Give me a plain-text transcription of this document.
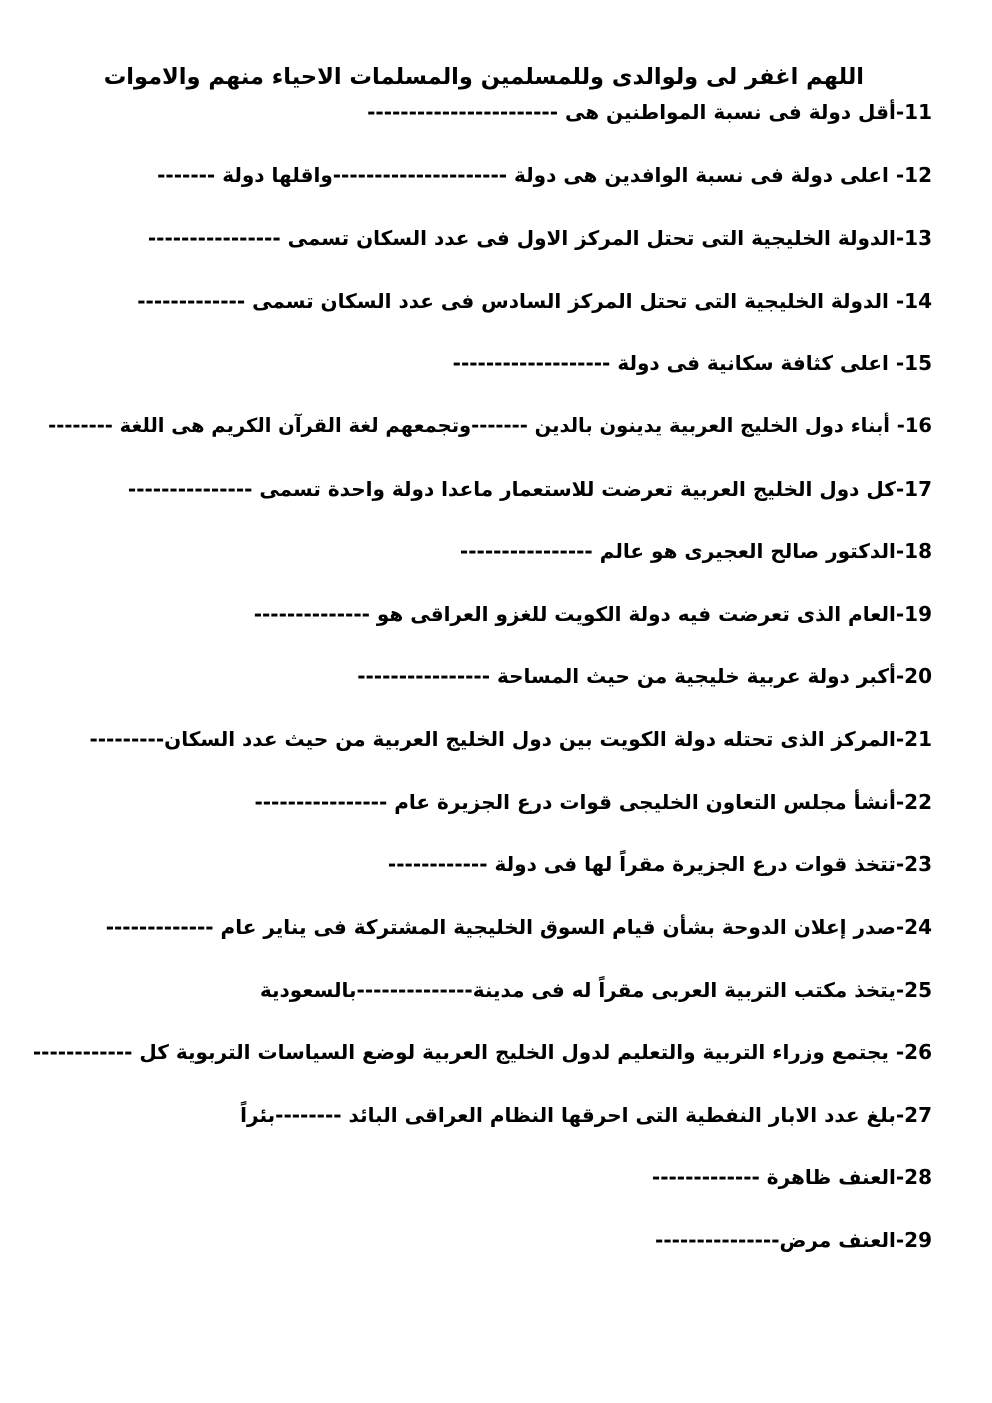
اللهم اغفر لى ولوالدى وللمسلمين والمسلمات الاحياء منهم والاموات
11-أقل دولة فى نسبة المواطنين هى -----------------------
12- اعلى دولة فى نسبة الوافدين هى دولة ---------------------واقلها دولة -------
13-الدولة الخليجية التى تحتل المركز الاول فى عدد السكان تسمى ----------------
14- الدولة الخليجية التى تحتل المركز السادس فى عدد السكان تسمى -------------
15- اعلى كثافة سكانية فى دولة -------------------
16- أبناء دول الخليج العربية يدينون بالدين -------وتجمعهم لغة القرآن الكريم هى اللغة --------
17-كل دول الخليج العربية تعرضت للاستعمار ماعدا دولة واحدة تسمى ---------------
18-الدكتور صالح العجيرى هو عالم ----------------
19-العام الذى تعرضت فيه دولة الكويت للغزو العراقى هو --------------
20-أكبر دولة عربية خليجية من حيث المساحة ----------------
21-المركز الذى تحتله دولة الكويت بين دول الخليج العربية من حيث عدد السكان---------
22-أنشأ مجلس التعاون الخليجى قوات درع الجزيرة عام ----------------
23-تتخذ قوات درع الجزيرة مقراً لها فى دولة ------------
24-صدر إعلان الدوحة بشأن قيام السوق الخليجية المشتركة فى يناير عام -------------
25-يتخذ مكتب التربية العربى مقراً له فى مدينة--------------بالسعودية
26- يجتمع وزراء التربية والتعليم لدول الخليج العربية لوضع السياسات التربوية كل ------------
27-بلغ عدد الابار النفطية التى احرقها النظام العراقى البائد --------بئراً
28-العنف ظاهرة -------------
29-العنف مرض---------------
